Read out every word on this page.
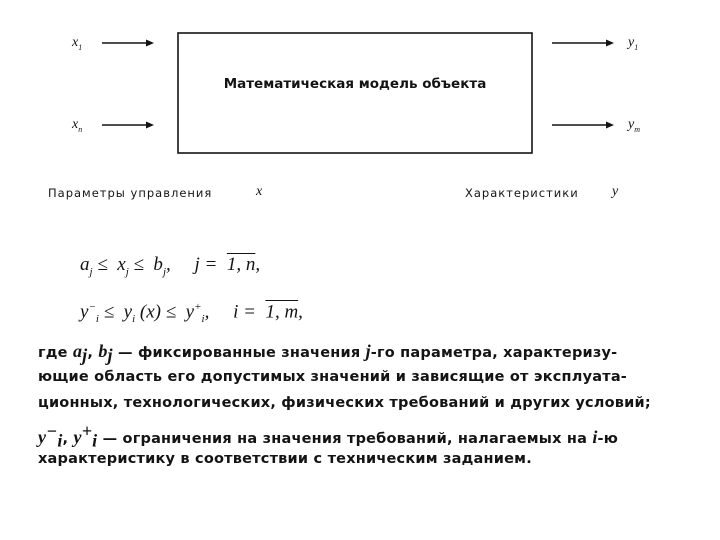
$x_1$
$x_n$
$y_1$
$y_m$
Математическая модель объекта
Параметры управления	x	Характеристики y
$a_j \le x_j \le b_j$,     j =  1, n,
$y^-_i \le y_i$ $(x) \le y^+_i$,     i =  1, m,
где $a_j$, $b_j$ — фиксированные значения j-го параметра, характеризу-
ющие область его допустимых значений и зависящие от эксплуата-
ционных, технологических, физических требований и других условий;
$y^-_i$, $y^+_i$ — ограничения на значения требований, налагаемых на i-ю
характеристику в соответствии с техническим заданием.
